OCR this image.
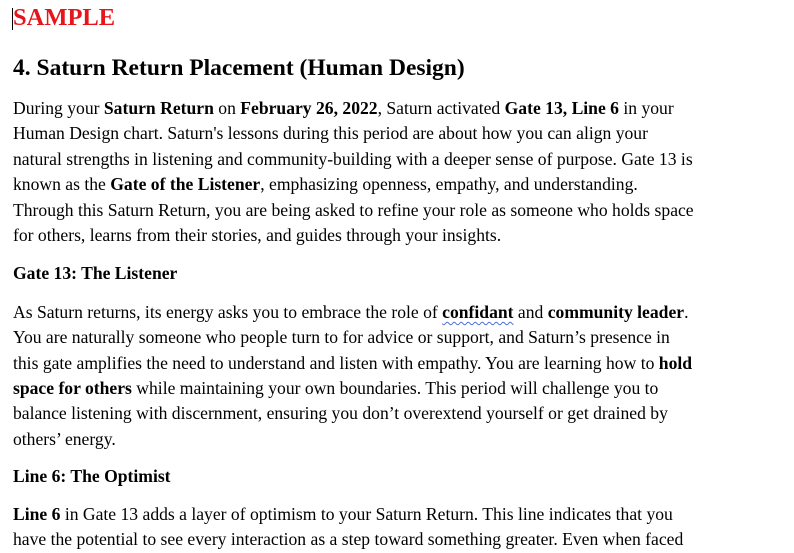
SAMPLE
4. Saturn Return Placement (Human Design)

During your Saturn Return on February 26, 2022, Saturn activated Gate 13, Line 6 in your
Human Design chart. Saturn's lessons during this period are about how you can align your
natural strengths in listening and community-building with a deeper sense of purpose. Gate 13 is
known as the Gate of the Listener, emphasizing openness, empathy, and understanding.
Through this Saturn Return, you are being asked to refine your role as someone who holds space
for others, learns from their stories, and guides through your insights.

Gate 13: The Listener

As Saturn returns, its energy asks you to embrace the role of confidant and community leader.
You are naturally someone who people turn to for advice or support, and Saturn’s presence in
this gate amplifies the need to understand and listen with empathy. You are learning how to hold
space for others while maintaining your own boundaries. This period will challenge you to
balance listening with discernment, ensuring you don’t overextend yourself or get drained by
others’ energy.

Line 6: The Optimist

Line 6 in Gate 13 adds a layer of optimism to your Saturn Return. This line indicates that you
have the potential to see every interaction as a step toward something greater. Even when faced
